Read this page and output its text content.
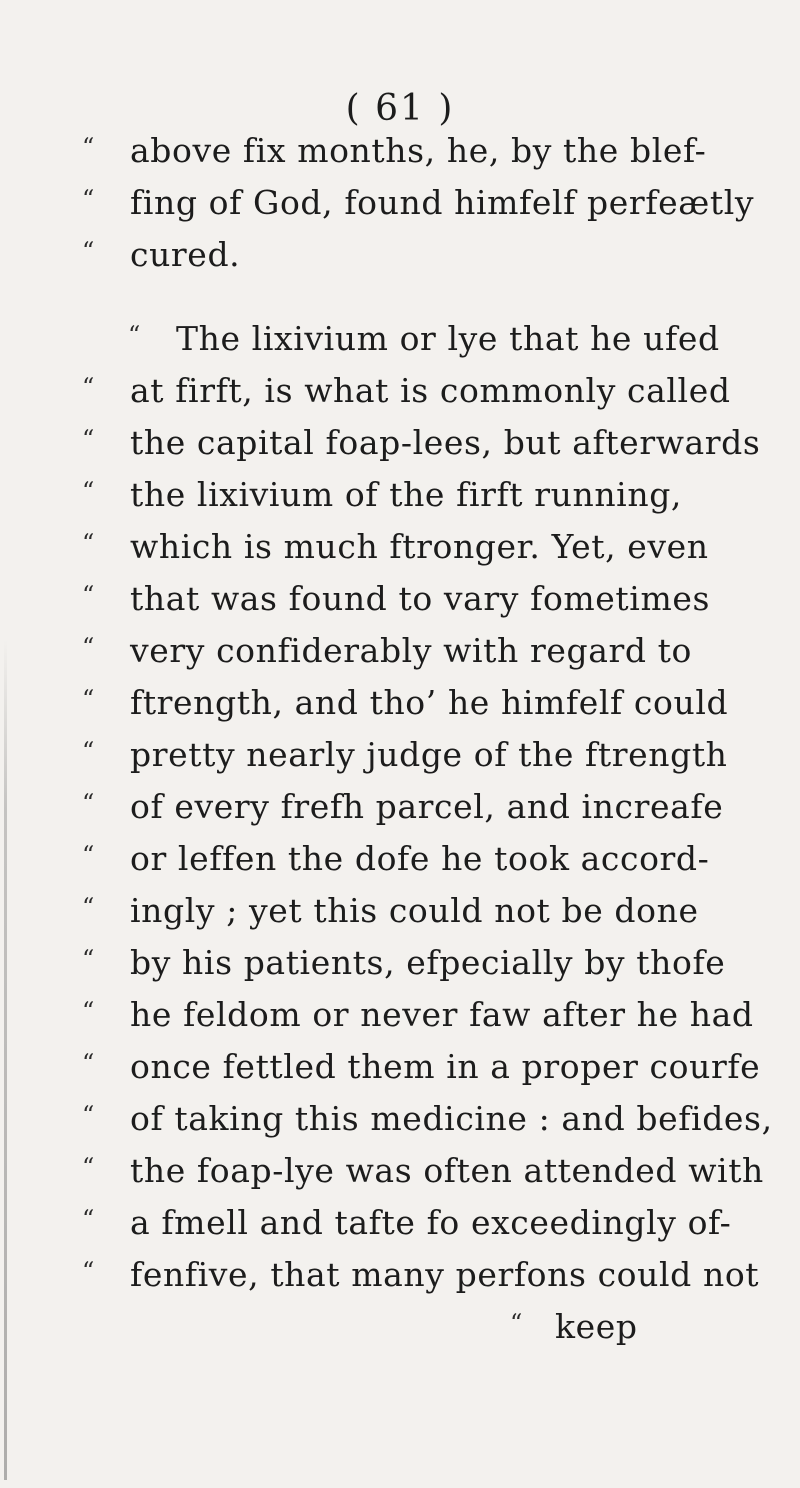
( 61 )
“ above fix months, he, by the blef-
“ fing of God, found himfelf perfeætly
“ cured.
“ The lixivium or lye that he ufed
“ at firft, is what is commonly called
“ the capital foap-lees, but afterwards
“ the lixivium of the firft running,
“ which is much ftronger. Yet, even
“ that was found to vary fometimes
“ very confiderably with regard to
“ ftrength, and tho’ he himfelf could
“ pretty nearly judge of the ftrength
“ of every frefh parcel, and increafe
“ or leffen the dofe he took accord-
“ ingly ; yet this could not be done
“ by his patients, efpecially by thofe
“ he feldom or never faw after he had
“ once fettled them in a proper courfe
“ of taking this medicine : and befides,
“ the foap-lye was often attended with
“ a fmell and tafte fo exceedingly of-
“ fenfive, that many perfons could not
“ keep
